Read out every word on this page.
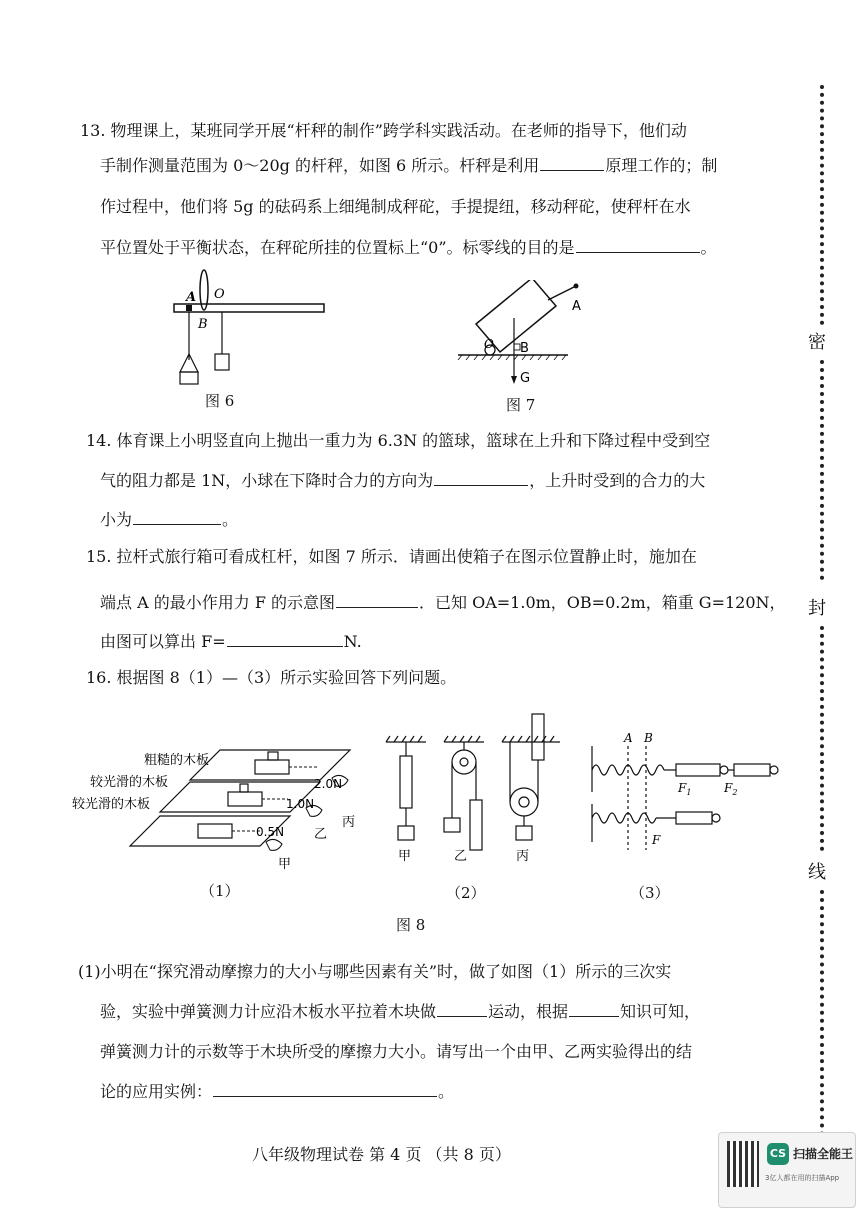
密
封
线
13. 物理课上，某班同学开展“杆秤的制作”跨学科实践活动。在老师的指导下，他们动
手制作测量范围为 0～20g 的杆秤，如图 6 所示。杆秤是利用	原理工作的；制
作过程中，他们将 5g 的砝码系上细绳制成秤砣，手提提纽，移动秤砣，使秤杆在水
平位置处于平衡状态，在秤砣所挂的位置标上“0”。标零线的目的是	。
A O
B
图 6
A
O B
G
图 7
14. 体育课上小明竖直向上抛出一重力为 6.3N 的篮球，篮球在上升和下降过程中受到空
气的阻力都是 1N，小球在下降时合力的方向为	，上升时受到的合力的大
小为	。
15. 拉杆式旅行箱可看成杠杆，如图 7 所示．请画出使箱子在图示位置静止时，施加在
端点 A 的最小作用力 F 的示意图	．已知 OA=1.0m，OB=0.2m，箱重 G=120N，
由图可以算出 F=	N.
16. 根据图 8（1）—（3）所示实验回答下列问题。
粗糙的木板
较光滑的木板
较光滑的木板
2.0N
1.0N
0.5N
丙
乙
甲
（1）
甲	乙	丙
（2）
A B
$F_1$	$F_2$
F
（3）
图 8
(1)小明在“探究滑动摩擦力的大小与哪些因素有关”时，做了如图（1）所示的三次实
验，实验中弹簧测力计应沿木板水平拉着木块做	运动，根据	知识可知，
弹簧测力计的示数等于木块所受的摩擦力大小。请写出一个由甲、乙两实验得出的结
论的应用实例：	。
八年级物理试卷 第 4 页 （共 8 页）	CS 扫描全能王
3亿人都在用的扫描App
